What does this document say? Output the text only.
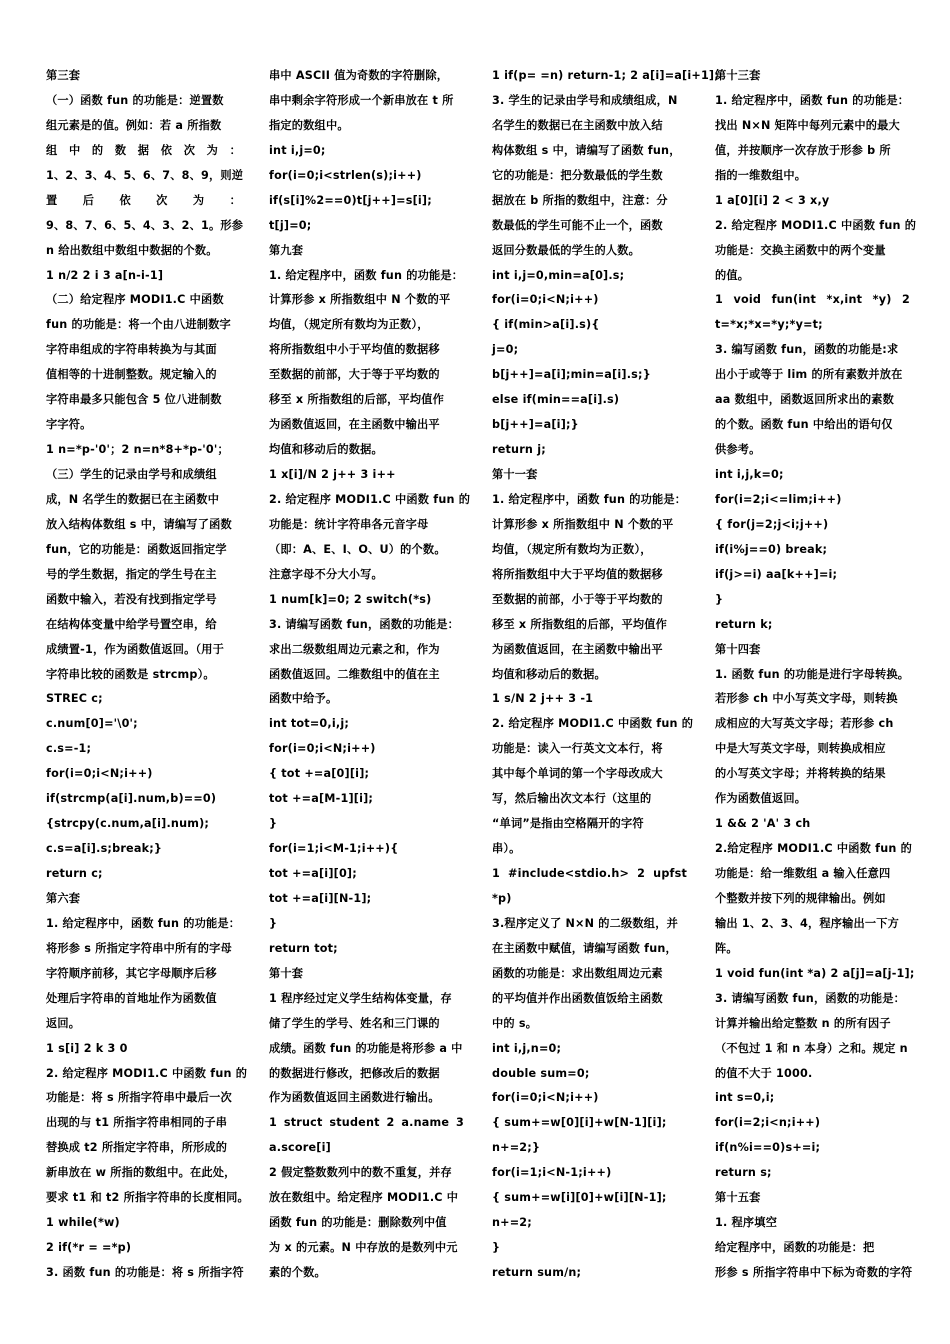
第三套
（一）函数 fun 的功能是：逆置数
组元素是的值。例如：若 a 所指数
组 中 的 数 据 依 次 为 ：
1、2、3、4、5、6、7、8、9，则逆
置 后 依 次 为 ：
9、8、7、6、5、4、3、2、1。形参
n 给出数组中数组中数据的个数。
1 n/2 2 i 3 a[n-i-1]
（二）给定程序 MODI1.C 中函数
fun 的功能是：将一个由八进制数字
字符串组成的字符串转换为与其面
值相等的十进制整数。规定输入的
字符串最多只能包含 5 位八进制数
字字符。
1 n=*p-'0'；2 n=n*8+*p-'0'；
（三）学生的记录由学号和成绩组
成，N 名学生的数据已在主函数中
放入结构体数组 s 中，请编写了函数
fun，它的功能是：函数返回指定学
号的学生数据，指定的学生号在主
函数中输入，若没有找到指定学号
在结构体变量中给学号置空串，给
成绩置-1，作为函数值返回。（用于
字符串比较的函数是 strcmp）。
STREC c;
c.num[0]='\0';
c.s=-1;
for(i=0;i<N;i++)
if(strcmp(a[i].num,b)==0)
{strcpy(c.num,a[i].num);
c.s=a[i].s;break;}
return c;
第六套
1. 给定程序中，函数 fun 的功能是：
将形参 s 所指定字符串中所有的字母
字符顺序前移，其它字母顺序后移
处理后字符串的首地址作为函数值
返回。
1 s[i] 2 k 3 0
2. 给定程序 MODI1.C 中函数 fun 的
功能是：将 s 所指字符串中最后一次
出现的与 t1 所指字符串相同的子串
替换成 t2 所指定字符串，所形成的
新串放在 w 所指的数组中。在此处，
要求 t1 和 t2 所指字符串的长度相同。
1 while(*w)
2 if(*r = =*p)
3. 函数 fun 的功能是：将 s 所指字符
串中 ASCII 值为奇数的字符删除，
串中剩余字符形成一个新串放在 t 所
指定的数组中。
int i,j=0;
for(i=0;i<strlen(s);i++)
if(s[i]%2==0)t[j++]=s[i];
t[j]=0;
第九套
1. 给定程序中，函数 fun 的功能是：
计算形参 x 所指数组中 N 个数的平
均值，（规定所有数均为正数），
将所指数组中小于平均值的数据移
至数据的前部，大于等于平均数的
移至 x 所指数组的后部，平均值作
为函数值返回，在主函数中输出平
均值和移动后的数据。
1 x[i]/N 2 j++ 3 i++
2. 给定程序 MODI1.C 中函数 fun 的
功能是：统计字符串各元音字母
（即：A、E、I、O、U）的个数。
注意字母不分大小写。
1 num[k]=0; 2 switch(*s)
3. 请编写函数 fun，函数的功能是：
求出二级数组周边元素之和，作为
函数值返回。二维数组中的值在主
函数中给予。
int tot=0,i,j;
for(i=0;i<N;i++)
{ tot +=a[0][i];
tot +=a[M-1][i];
}
for(i=1;i<M-1;i++){
tot +=a[i][0];
tot +=a[i][N-1];
}
return tot;
第十套
1 程序经过定义学生结构体变量，存
储了学生的学号、姓名和三门课的
成绩。函数 fun 的功能是将形参 a 中
的数据进行修改，把修改后的数据
作为函数值返回主函数进行输出。
1 struct student 2 a.name 3
a.score[i]
2 假定整数数列中的数不重复，并存
放在数组中。给定程序 MODI1.C 中
函数 fun 的功能是：删除数列中值
为 x 的元素。N 中存放的是数列中元
素的个数。
1 if(p= =n) return-1; 2 a[i]=a[i+1];
3. 学生的记录由学号和成绩组成，N
名学生的数据已在主函数中放入结
构体数组 s 中，请编写了函数 fun，
它的功能是：把分数最低的学生数
据放在 b 所指的数组中，注意：分
数最低的学生可能不止一个，函数
返回分数最低的学生的人数。
int i,j=0,min=a[0].s;
for(i=0;i<N;i++)
{ if(min>a[i].s){
j=0;
b[j++]=a[i];min=a[i].s;}
else if(min==a[i].s)
b[j++]=a[i];}
return j;
第十一套
1. 给定程序中，函数 fun 的功能是：
计算形参 x 所指数组中 N 个数的平
均值，（规定所有数均为正数），
将所指数组中大于平均值的数据移
至数据的前部，小于等于平均数的
移至 x 所指数组的后部，平均值作
为函数值返回，在主函数中输出平
均值和移动后的数据。
1 s/N 2 j++ 3 -1
2. 给定程序 MODI1.C 中函数 fun 的
功能是：读入一行英文文本行，将
其中每个单词的第一个字母改成大
写，然后输出次文本行（这里的
“单词”是指由空格隔开的字符
串）。
1 #include<stdio.h> 2 upfst
*p)
3.程序定义了 N×N 的二级数组，并
在主函数中赋值，请编写函数 fun，
函数的功能是：求出数组周边元素
的平均值并作出函数值饭给主函数
中的 s。
int i,j,n=0;
double sum=0;
for(i=0;i<N;i++)
{ sum+=w[0][i]+w[N-1][i];
n+=2;}
for(i=1;i<N-1;i++)
{ sum+=w[i][0]+w[i][N-1];
n+=2;
}
return sum/n;
第十三套
1. 给定程序中，函数 fun 的功能是：
找出 N×N 矩阵中每列元素中的最大
值，并按顺序一次存放于形参 b 所
指的一维数组中。
1 a[0][i] 2 < 3 x,y
2. 给定程序 MODI1.C 中函数 fun 的
功能是：交换主函数中的两个变量
的值。
1 void fun(int *x,int *y) 2
t=*x;*x=*y;*y=t;
3. 编写函数 fun，函数的功能是:求
出小于或等于 lim 的所有素数并放在
aa 数组中，函数返回所求出的素数
的个数。函数 fun 中给出的语句仅
供参考。
int i,j,k=0;
for(i=2;i<=lim;i++)
{ for(j=2;j<i;j++)
if(i%j==0) break;
if(j>=i) aa[k++]=i;
}
return k;
第十四套
1. 函数 fun 的功能是进行字母转换。
若形参 ch 中小写英文字母，则转换
成相应的大写英文字母；若形参 ch
中是大写英文字母，则转换成相应
的小写英文字母；并将转换的结果
作为函数值返回。
1 && 2 'A' 3 ch
2.给定程序 MODI1.C 中函数 fun 的
功能是：给一维数组 a 输入任意四
个整数并按下列的规律输出。例如
输出 1、2、3、4，程序输出一下方
阵。
1 void fun(int *a) 2 a[j]=a[j-1];
3. 请编写函数 fun，函数的功能是：
计算并输出给定整数 n 的所有因子
（不包过 1 和 n 本身）之和。规定 n
的值不大于 1000.
int s=0,i;
for(i=2;i<n;i++)
if(n%i==0)s+=i;
return s;
第十五套
1. 程序填空
给定程序中，函数的功能是：把
形参 s 所指字符串中下标为奇数的字符
